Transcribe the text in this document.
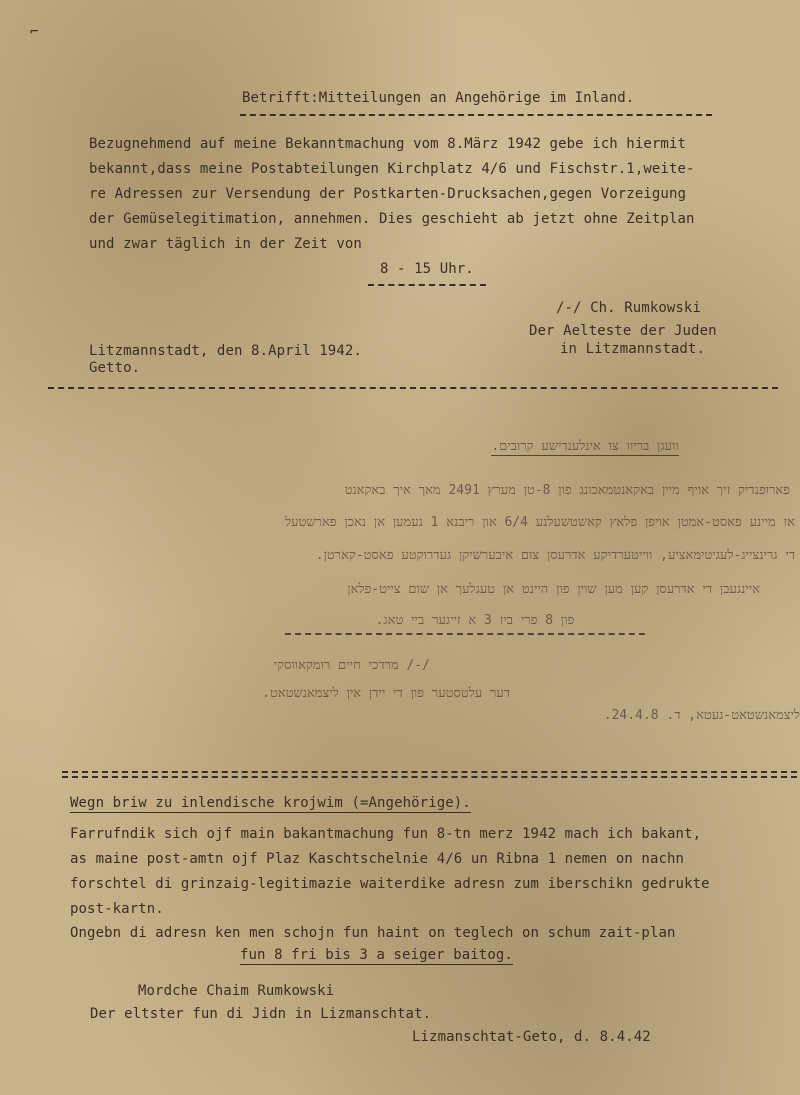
⌐
Betrifft:Mitteilungen an Angehörige im Inland.
Bezugnehmend auf meine Bekanntmachung vom 8.März 1942 gebe ich hiermit
bekannt,dass meine Postabteilungen Kirchplatz 4/6 und Fischstr.1,weite-
re Adressen zur Versendung der Postkarten-Drucksachen,gegen Vorzeigung
der Gemüselegitimation, annehmen. Dies geschieht ab jetzt ohne Zeitplan
und zwar täglich in der Zeit von
8 - 15 Uhr.
/-/ Ch. Rumkowski
Der Aelteste der Juden
in Litzmannstadt.
Litzmannstadt, den 8.April 1942.
Getto.
וועגן בריוו צו אינלענדישע קרובים.
פארופנדיק זיך אויף מיין באקאנטמאכונג פון 8-טן מערץ 1942 מאך איך באקאנט
אז מיינע פאסט-אמטן אויפן פלאץ קאשטשעלנע 4/6 און ריבנא 1 נעמען אן נאכן פארשטעל
די גרינצייג-לעגיטימאציע, ווייטערדיקע אדרעסן צום איבערשיקן געדרוקטע פאסט-קארטן.
איינגעבן די אדרעסן קען מען שוין פון היינט אן טעגלעך אן שום צייט-פלאן
פון 8 פרי ביז 3 א זייגער ביי טאג.
/-/ מרדכי חיים רומקאווסקי
דער עלטסטער פון די יידן אין ליצמאנשטאט.
ליצמאנשטאט-געטא, ד. 8.4.42.
Wegn briw zu inlendische krojwim (=Angehörige).
Farrufndik sich ojf main bakantmachung fun 8-tn merz 1942 mach ich bakant,
as maine post-amtn ojf Plaz Kaschtschelnie 4/6 un Ribna 1 nemen on nachn
forschtel di grinzaig-legitimazie waiterdike adresn zum iberschikn gedrukte
post-kartn.
Ongebn di adresn ken men schojn fun haint on teglech on schum zait-plan
fun 8 fri bis 3 a seiger baitog.
Mordche Chaim Rumkowski
Der eltster fun di Jidn in Lizmanschtat.
Lizmanschtat-Geto, d. 8.4.42
